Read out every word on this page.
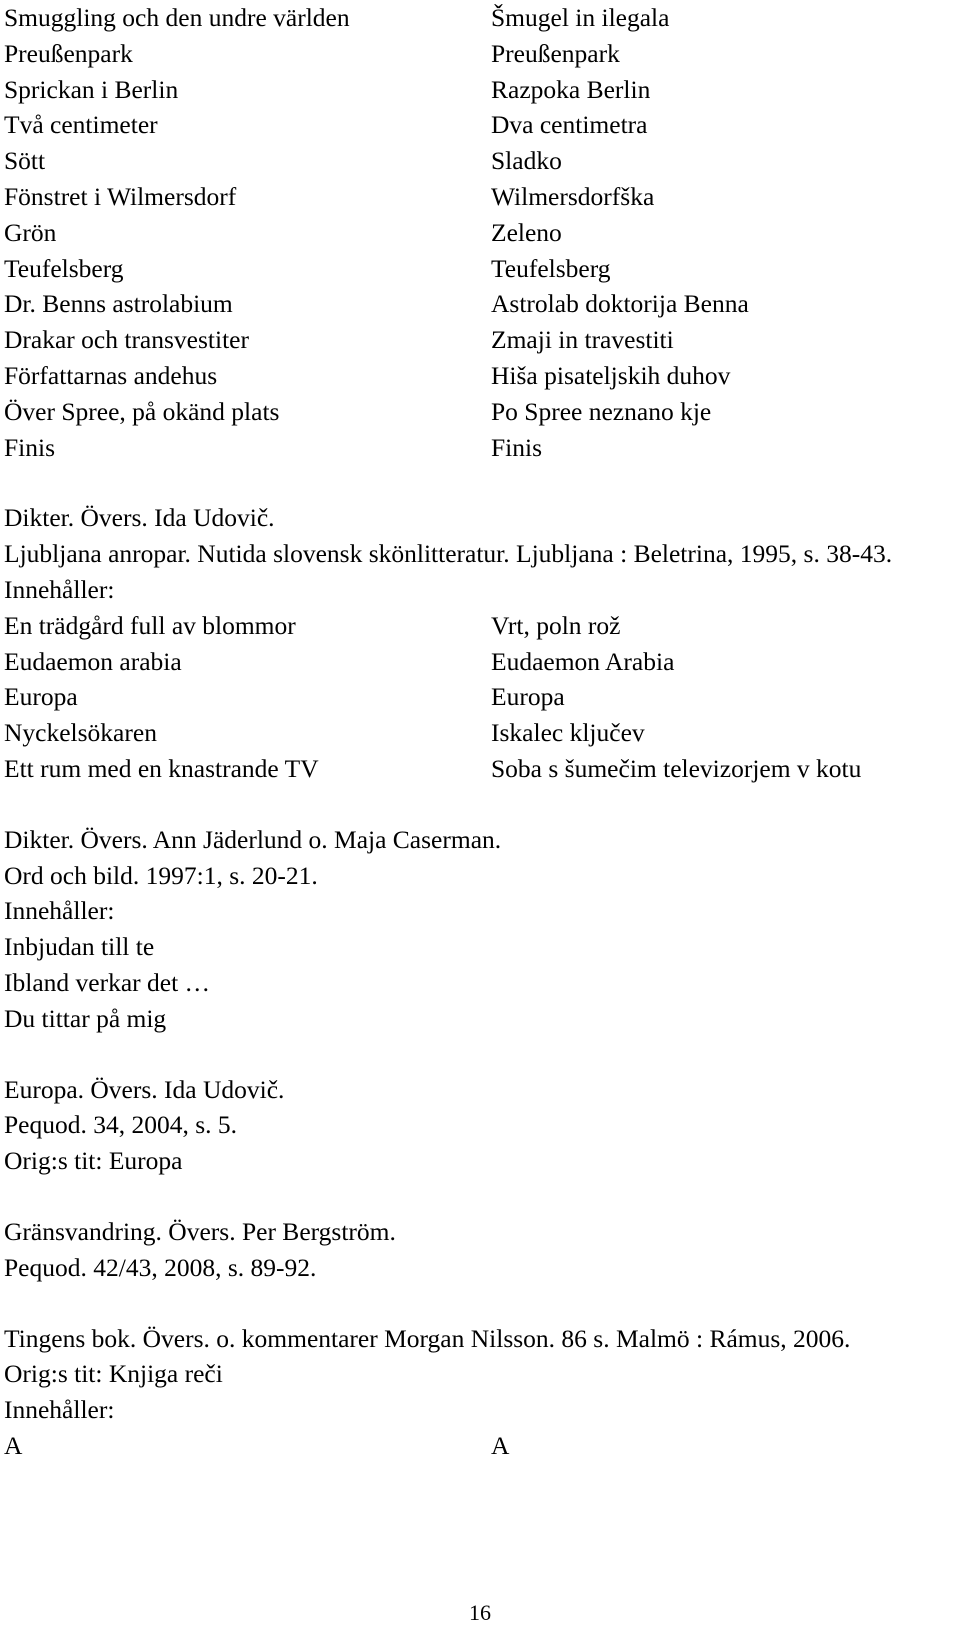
Smuggling och den undre världen	Šmugel in ilegala
Preußenpark	Preußenpark
Sprickan i Berlin	Razpoka Berlin
Två centimeter	Dva centimetra
Sött	Sladko
Fönstret i Wilmersdorf	Wilmersdorfška
Grön	Zeleno
Teufelsberg	Teufelsberg
Dr. Benns astrolabium	Astrolab doktorija Benna
Drakar och transvestiter	Zmaji in travestiti
Författarnas andehus	Hiša pisateljskih duhov
Över Spree, på okänd plats	Po Spree neznano kje
Finis	Finis
Dikter. Övers. Ida Udovič.
Ljubljana anropar. Nutida slovensk skönlitteratur. Ljubljana : Beletrina, 1995, s. 38-43.
Innehåller:
En trädgård full av blommor	Vrt, poln rož
Eudaemon arabia	Eudaemon Arabia
Europa	Europa
Nyckelsökaren	Iskalec ključev
Ett rum med en knastrande TV	Soba s šumečim televizorjem v kotu
Dikter. Övers. Ann Jäderlund o. Maja Caserman.
Ord och bild. 1997:1, s. 20-21.
Innehåller:
Inbjudan till te
Ibland verkar det …
Du tittar på mig
Europa. Övers. Ida Udovič.
Pequod. 34, 2004, s. 5.
Orig:s tit: Europa
Gränsvandring. Övers. Per Bergström.
Pequod. 42/43, 2008, s. 89-92.
Tingens bok. Övers. o. kommentarer Morgan Nilsson. 86 s. Malmö : Rámus, 2006.
Orig:s tit: Knjiga reči
Innehåller:
A	A
16
